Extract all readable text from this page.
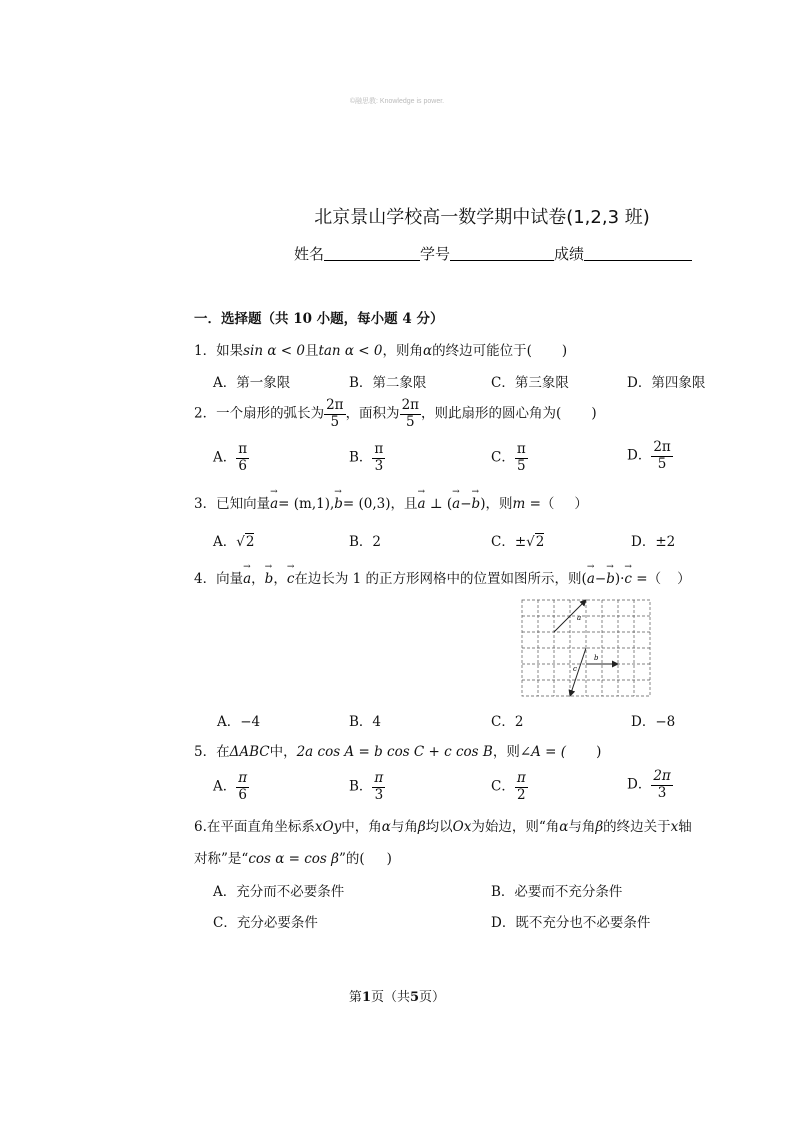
©融思教: Knowledge is power.
北京景山学校高一数学期中试卷(1,2,3 班)
姓名	学号	成绩
一．选择题（共 10 小题，每小题 4 分）
1．如果sin α < 0且tan α < 0，则角α的终边可能位于( )
A．第一象限	B．第二象限	C．第三象限	D．第四象限
2．一个扇形的弧长为 $\frac{2\pi}{5}$ ，面积为 $\frac{2\pi}{5}$ ，则此扇形的圆心角为( )
A． $\frac{\pi}{6}$	B． $\frac{\pi}{3}$	C． $\frac{\pi}{5}$	D． $\frac{2\pi}{5}$
3．已知向量→ a= (m,1),→ b= (0,3)，且→ a ⊥ (→ a−→ b)，则m =（ ）
A．√2	B．2	C．±√2	D．±2
4．向量→ a，→ b，→ c在边长为 1 的正方形网格中的位置如图所示，则(→ a−→ b)·→ c =（ ）
a
b
c
A．−4	B．4	C．2	D．−8
5．在ΔABC中，2a cos A = b cos C + c cos B，则∠A = ( )
A． $\frac{\pi}{6}$	B． $\frac{\pi}{3}$	C． $\frac{\pi}{2}$	D． $\frac{2\pi}{3}$
6.在平面直角坐标系xOy中，角α与角β均以Ox为始边，则“角α与角β的终边关于x轴
对称”是“cos α = cos β”的( )
A．充分而不必要条件	B．必要而不充分条件
C．充分必要条件	D．既不充分也不必要条件
第1页（共5页）
